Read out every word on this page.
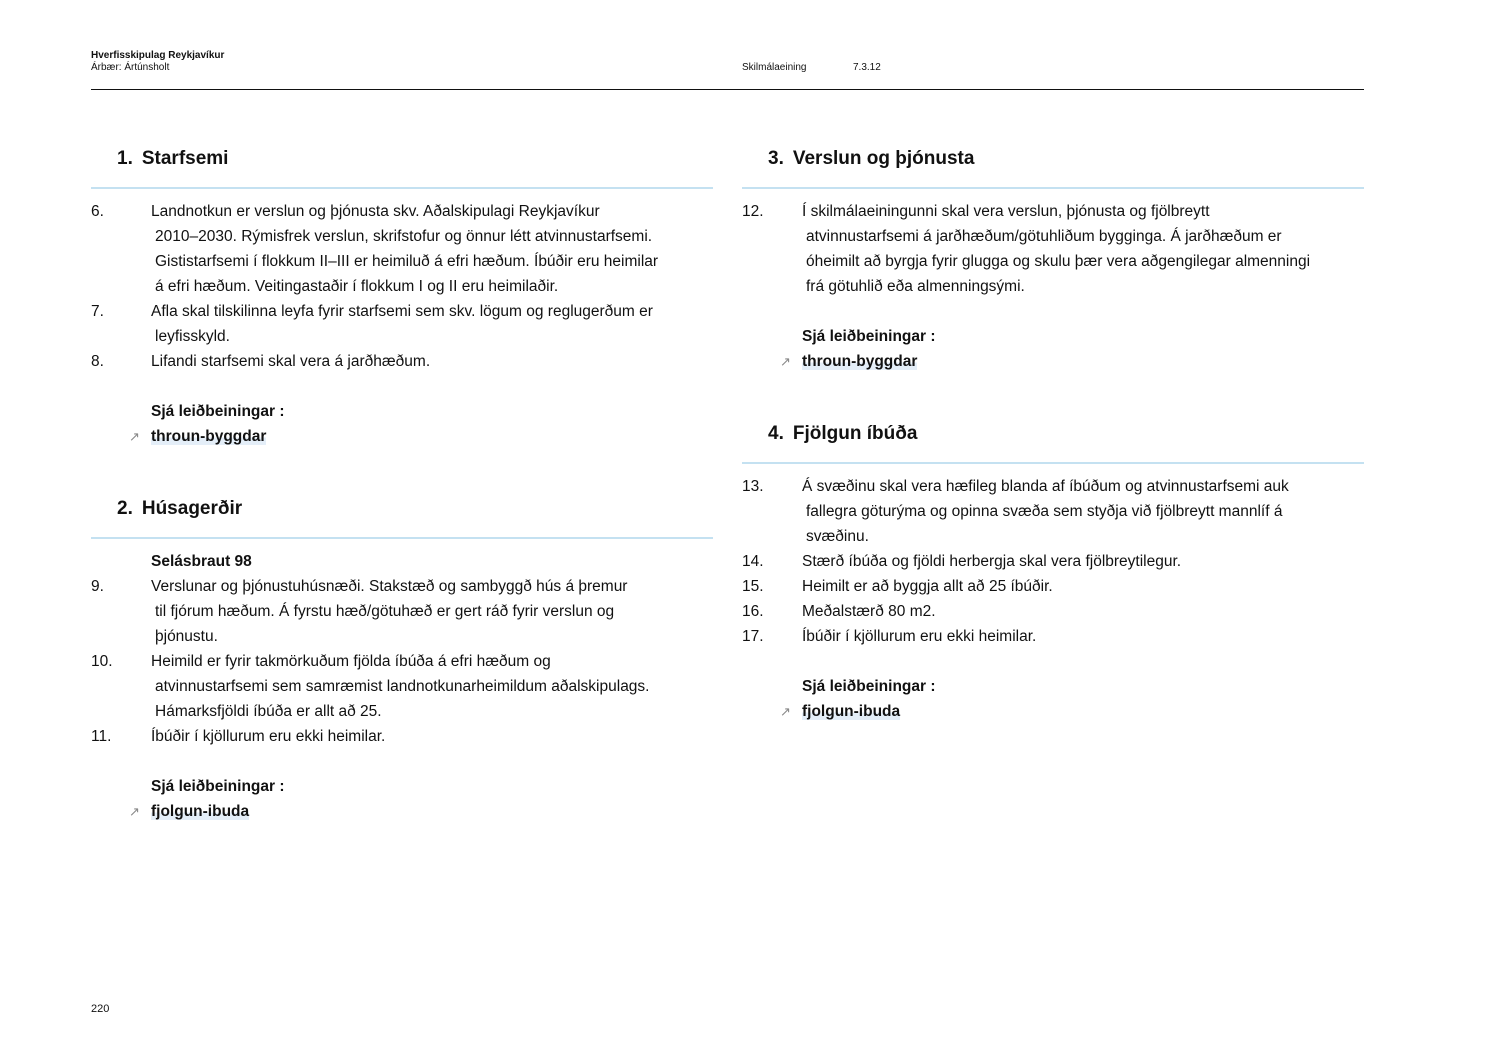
Hverfisskipulag Reykjavíkur
Árbær: Ártúnsholt	Skilmálaeining	7.3.12
1. Starfsemi
6.	Landnotkun er verslun og þjónusta skv. Aðalskipulagi Reykjavíkur
2010–2030. Rýmisfrek verslun, skrifstofur og önnur létt atvinnustarfsemi.
Gististarfsemi í flokkum II–III er heimiluð á efri hæðum. Íbúðir eru heimilar
á efri hæðum. Veitingastaðir í flokkum I og II eru heimilaðir.
7.	Afla skal tilskilinna leyfa fyrir starfsemi sem skv. lögum og reglugerðum er
leyfisskyld.
8.	Lifandi starfsemi skal vera á jarðhæðum.
Sjá leiðbeiningar :
↗ throun-byggdar
2. Húsagerðir
Selásbraut 98
9.	Verslunar og þjónustuhúsnæði. Stakstæð og sambyggð hús á þremur
til fjórum hæðum. Á fyrstu hæð/götuhæð er gert ráð fyrir verslun og
þjónustu.
10.	Heimild er fyrir takmörkuðum fjölda íbúða á efri hæðum og
atvinnustarfsemi sem samræmist landnotkunarheimildum aðalskipulags.
Hámarksfjöldi íbúða er allt að 25.
11.	Íbúðir í kjöllurum eru ekki heimilar.
Sjá leiðbeiningar :
↗ fjolgun-ibuda
3. Verslun og þjónusta
12.	Í skilmálaeiningunni skal vera verslun, þjónusta og fjölbreytt
atvinnustarfsemi á jarðhæðum/götuhliðum bygginga. Á jarðhæðum er
óheimilt að byrgja fyrir glugga og skulu þær vera aðgengilegar almenningi
frá götuhlið eða almenningsými.
Sjá leiðbeiningar :
↗ throun-byggdar
4. Fjölgun íbúða
13.	Á svæðinu skal vera hæfileg blanda af íbúðum og atvinnustarfsemi auk
fallegra göturýma og opinna svæða sem styðja við fjölbreytt mannlíf á
svæðinu.
14.	Stærð íbúða og fjöldi herbergja skal vera fjölbreytilegur.
15.	Heimilt er að byggja allt að 25 íbúðir.
16.	Meðalstærð 80 m2.
17.	Íbúðir í kjöllurum eru ekki heimilar.
Sjá leiðbeiningar :
↗ fjolgun-ibuda
220
